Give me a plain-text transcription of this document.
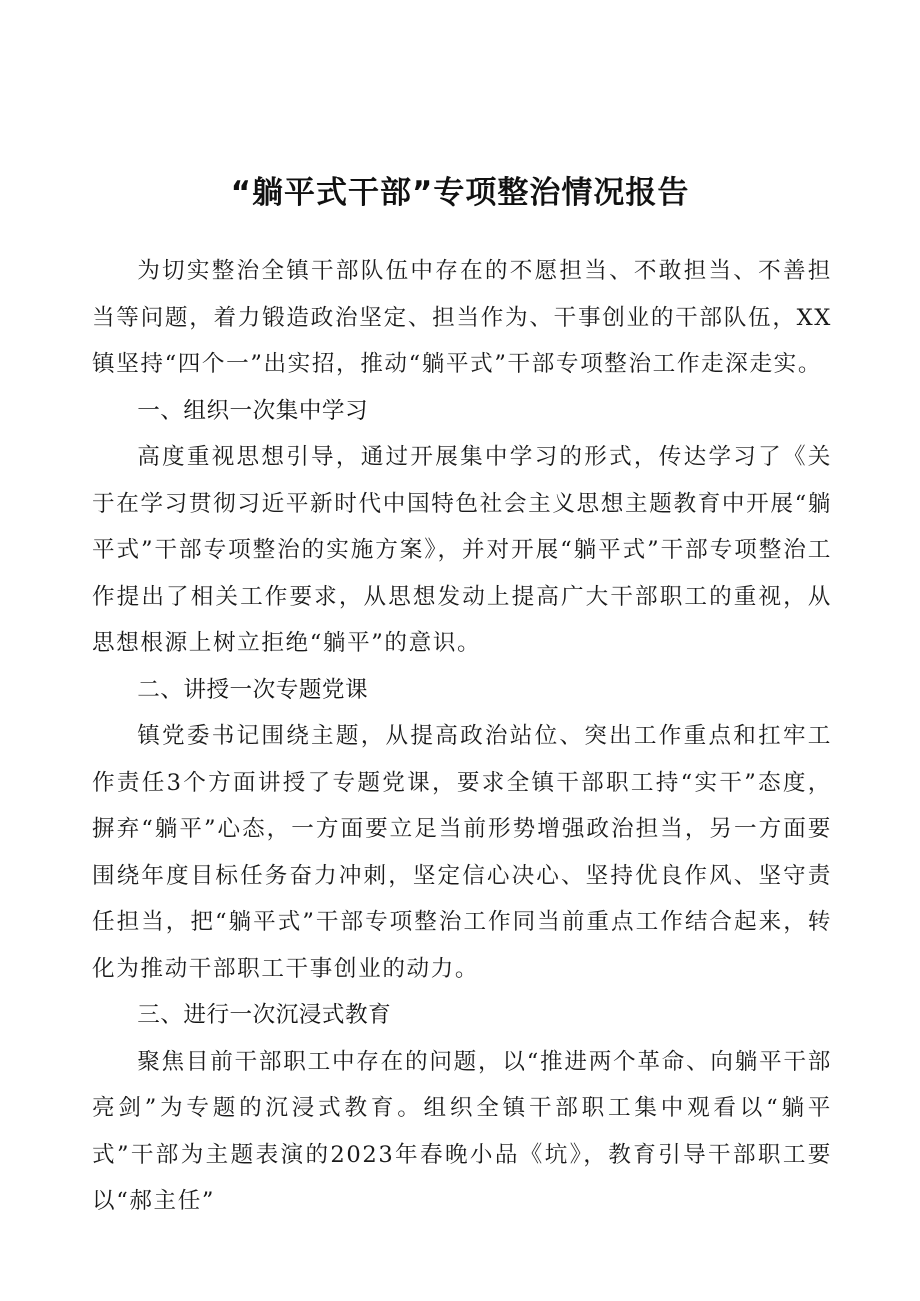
“躺平式干部”专项整治情况报告

为切实整治全镇干部队伍中存在的不愿担当、不敢担当、不善担当等问题，着力锻造政治坚定、担当作为、干事创业的干部队伍，XX镇坚持“四个一”出实招，推动“躺平式”干部专项整治工作走深走实。

一、组织一次集中学习

高度重视思想引导，通过开展集中学习的形式，传达学习了《关于在学习贯彻习近平新时代中国特色社会主义思想主题教育中开展“躺平式”干部专项整治的实施方案》，并对开展“躺平式”干部专项整治工作提出了相关工作要求，从思想发动上提高广大干部职工的重视，从思想根源上树立拒绝“躺平”的意识。

二、讲授一次专题党课

镇党委书记围绕主题，从提高政治站位、突出工作重点和扛牢工作责任3个方面讲授了专题党课，要求全镇干部职工持“实干”态度，摒弃“躺平”心态，一方面要立足当前形势增强政治担当，另一方面要围绕年度目标任务奋力冲刺，坚定信心决心、坚持优良作风、坚守责任担当，把“躺平式”干部专项整治工作同当前重点工作结合起来，转化为推动干部职工干事创业的动力。

三、进行一次沉浸式教育

聚焦目前干部职工中存在的问题，以“推进两个革命、向躺平干部亮剑”为专题的沉浸式教育。组织全镇干部职工集中观看以“躺平式”干部为主题表演的2023年春晚小品《坑》，教育引导干部职工要以“郝主任”
